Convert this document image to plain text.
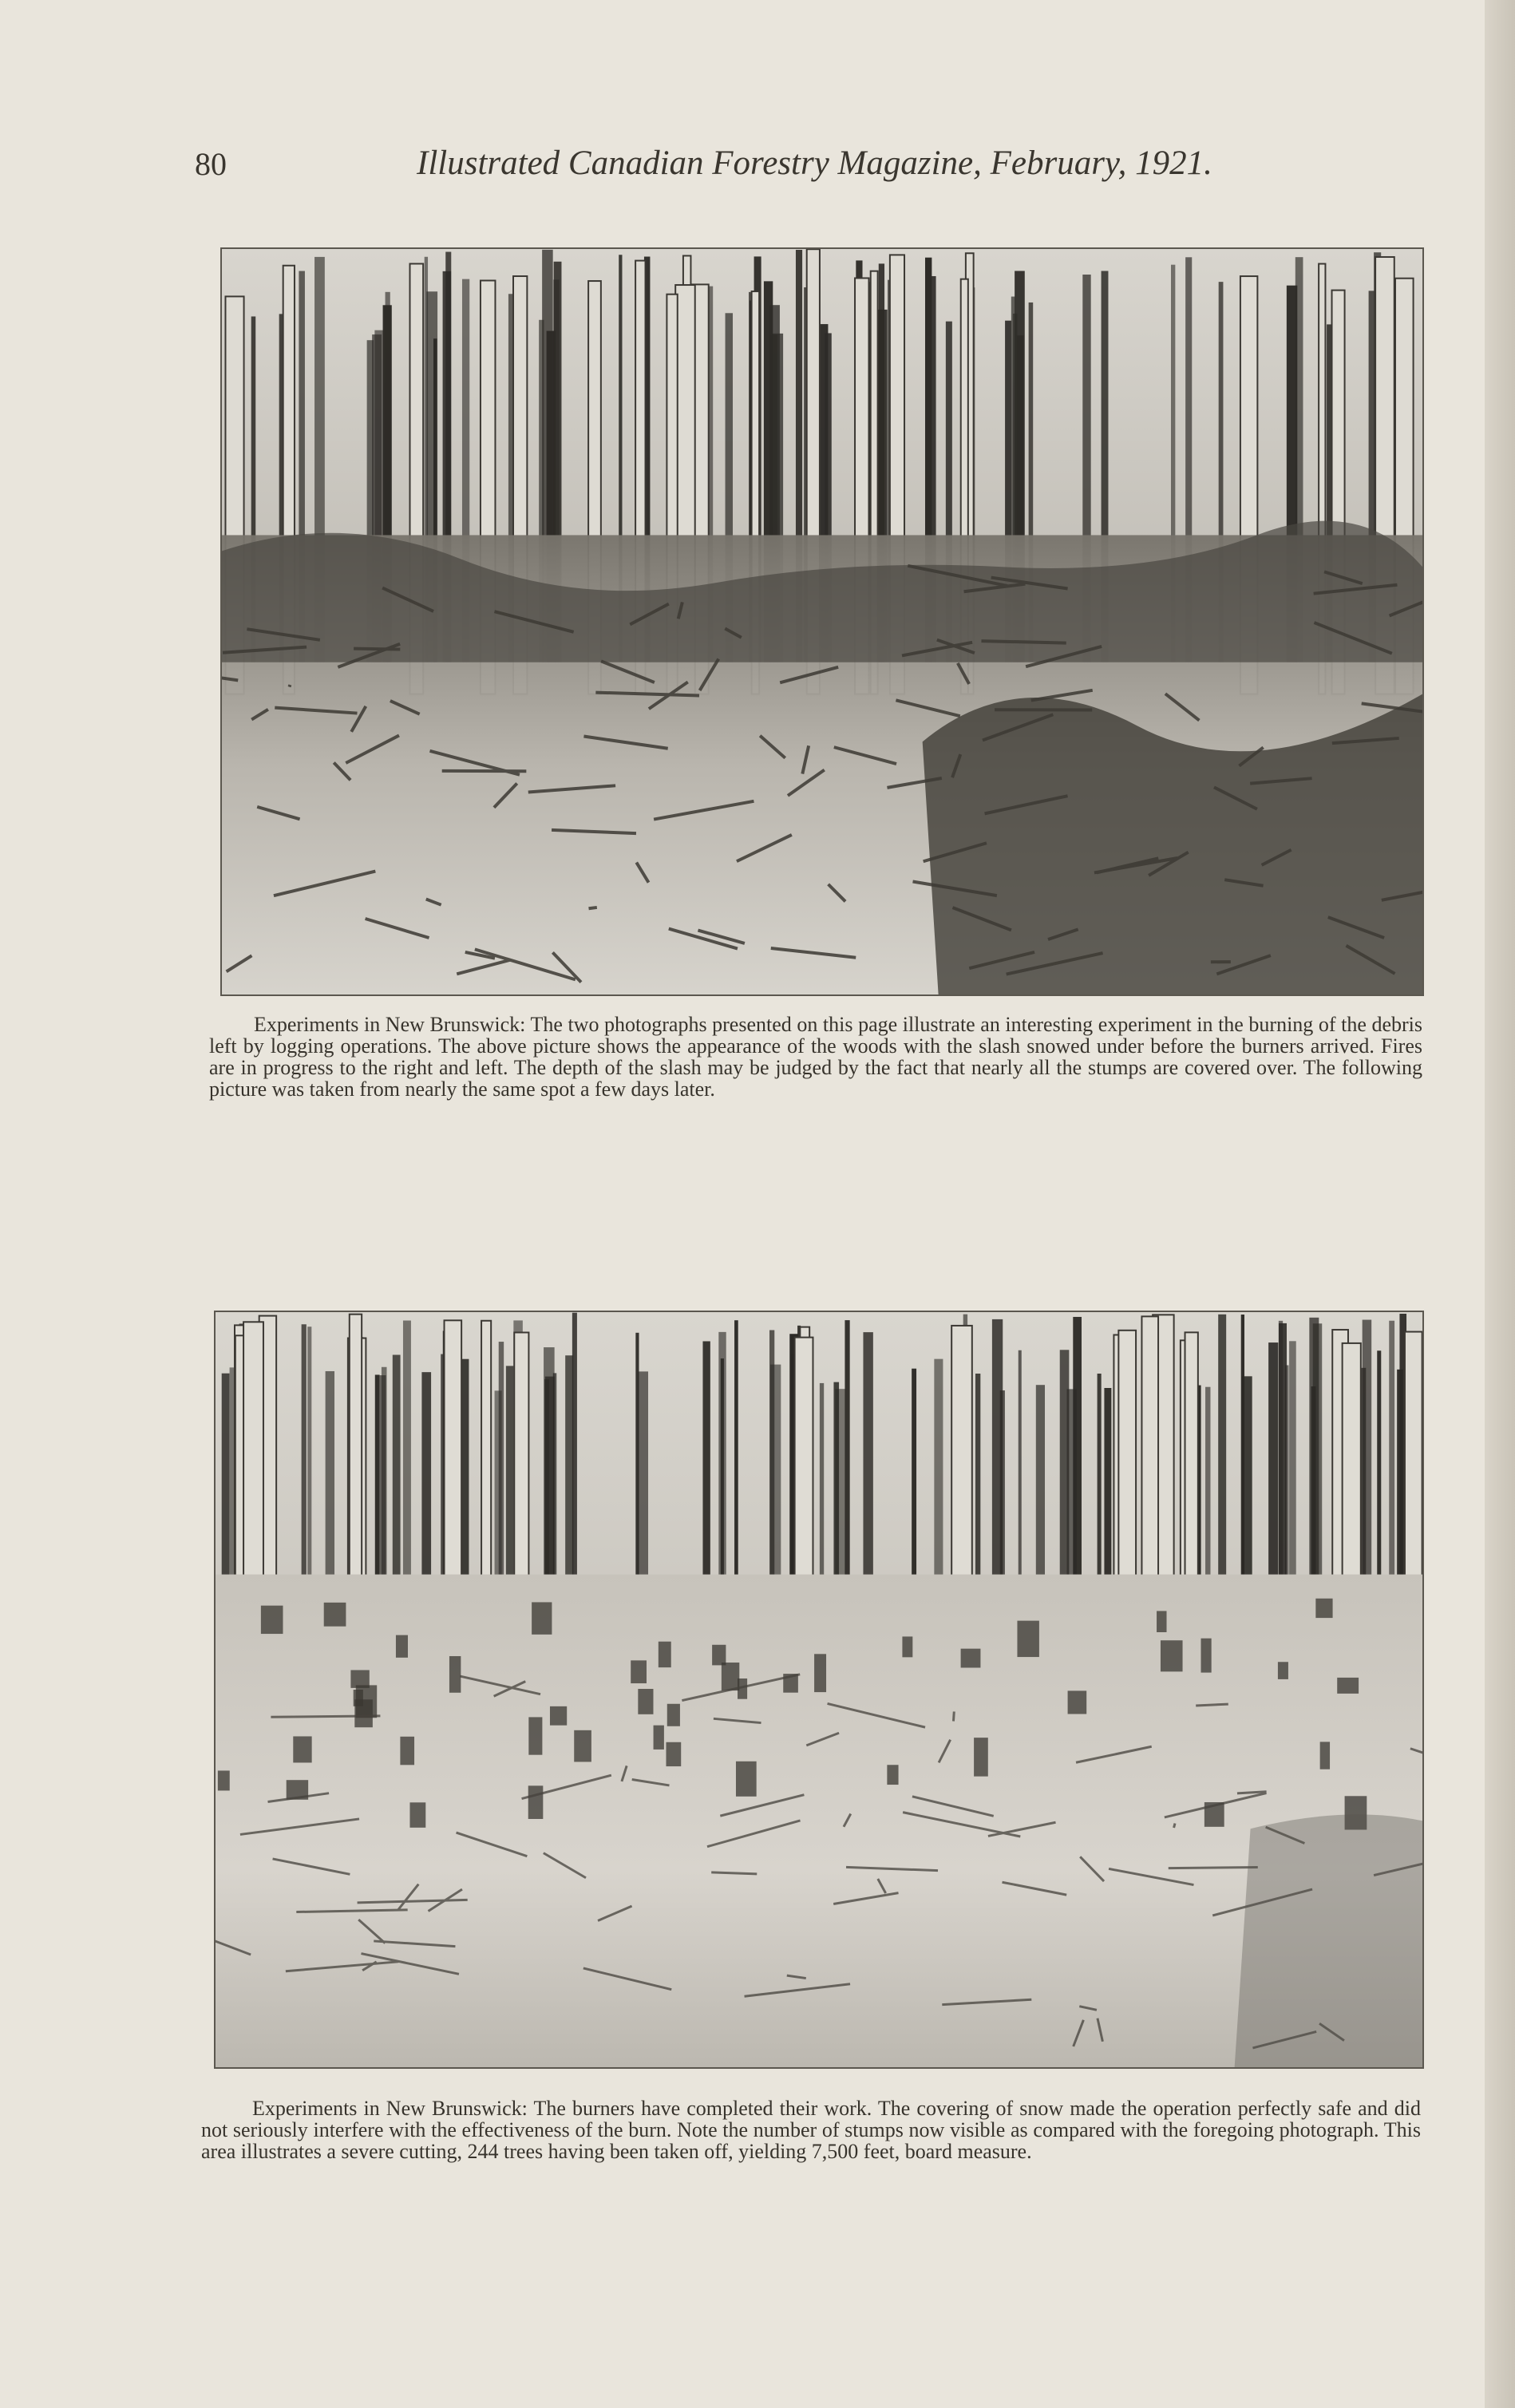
80	Illustrated Canadian Forestry Magazine, February, 1921.
Experiments in New Brunswick: The two photographs presented on this page illustrate an interesting experiment in the burning of the debris left by logging operations. The above picture shows the appearance of the woods with the slash snowed under before the burners arrived. Fires are in progress to the right and left. The depth of the slash may be judged by the fact that nearly all the stumps are covered over. The following picture was taken from nearly the same spot a few days later.
Experiments in New Brunswick: The burners have completed their work. The covering of snow made the operation perfectly safe and did not seriously interfere with the effectiveness of the burn. Note the number of stumps now visible as compared with the foregoing photograph. This area illustrates a severe cutting, 244 trees having been taken off, yielding 7,500 feet, board measure.
